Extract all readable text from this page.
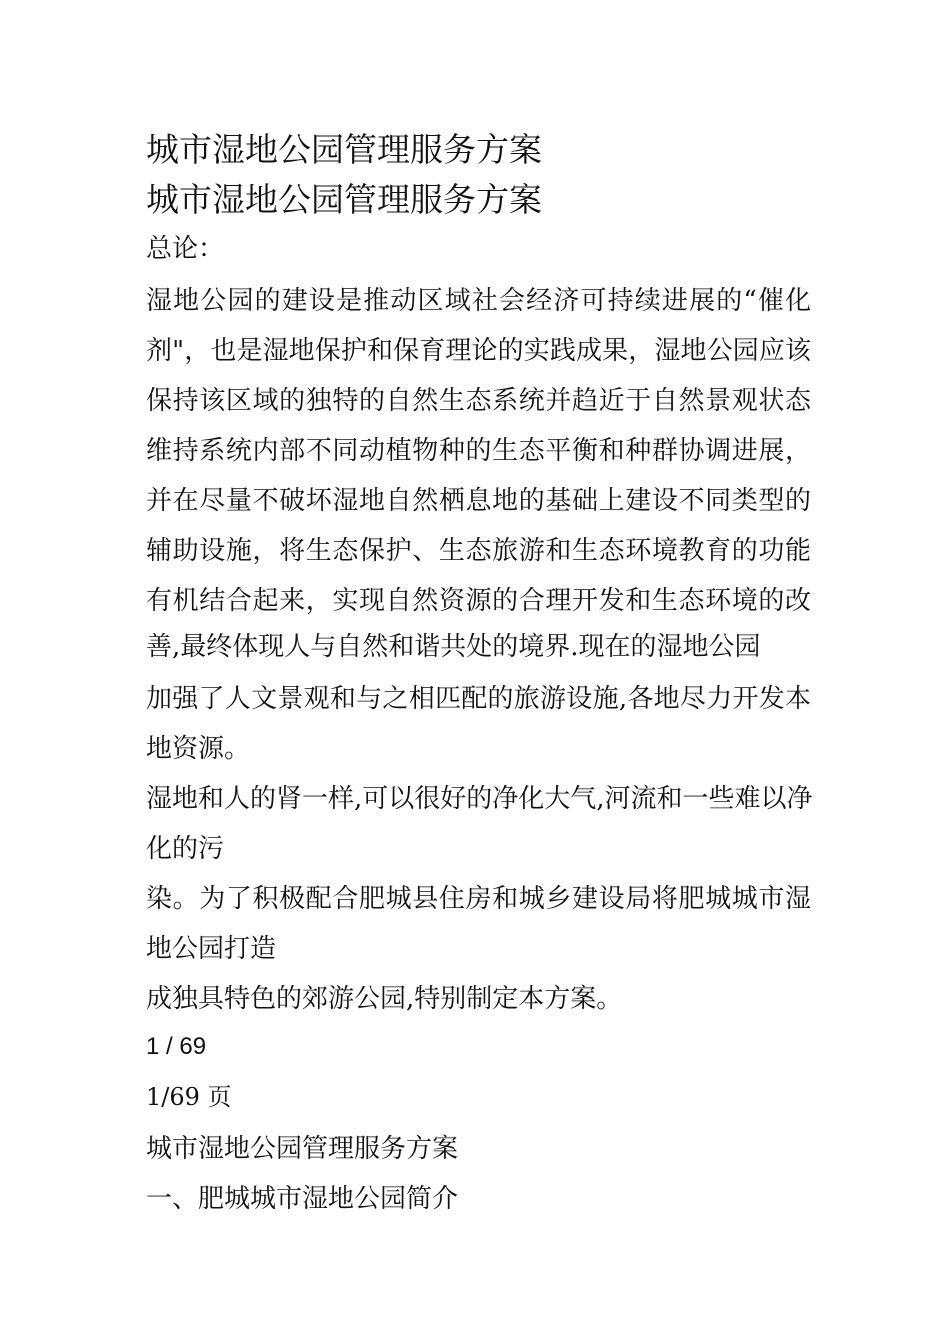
城市湿地公园管理服务方案
城市湿地公园管理服务方案
总论：
湿地公园的建设是推动区域社会经济可持续进展的“催化
剂"，也是湿地保护和保育理论的实践成果，湿地公园应该
保持该区域的独特的自然生态系统并趋近于自然景观状态
维持系统内部不同动植物种的生态平衡和种群协调进展，
并在尽量不破坏湿地自然栖息地的基础上建设不同类型的
辅助设施，将生态保护、生态旅游和生态环境教育的功能
有机结合起来，实现自然资源的合理开发和生态环境的改
善,最终体现人与自然和谐共处的境界.现在的湿地公园
加强了人文景观和与之相匹配的旅游设施,各地尽力开发本
地资源。
湿地和人的肾一样,可以很好的净化大气,河流和一些难以净
化的污
染。为了积极配合肥城县住房和城乡建设局将肥城城市湿
地公园打造
成独具特色的郊游公园,特别制定本方案。
1 / 69
1/69 页
城市湿地公园管理服务方案
一、肥城城市湿地公园简介
